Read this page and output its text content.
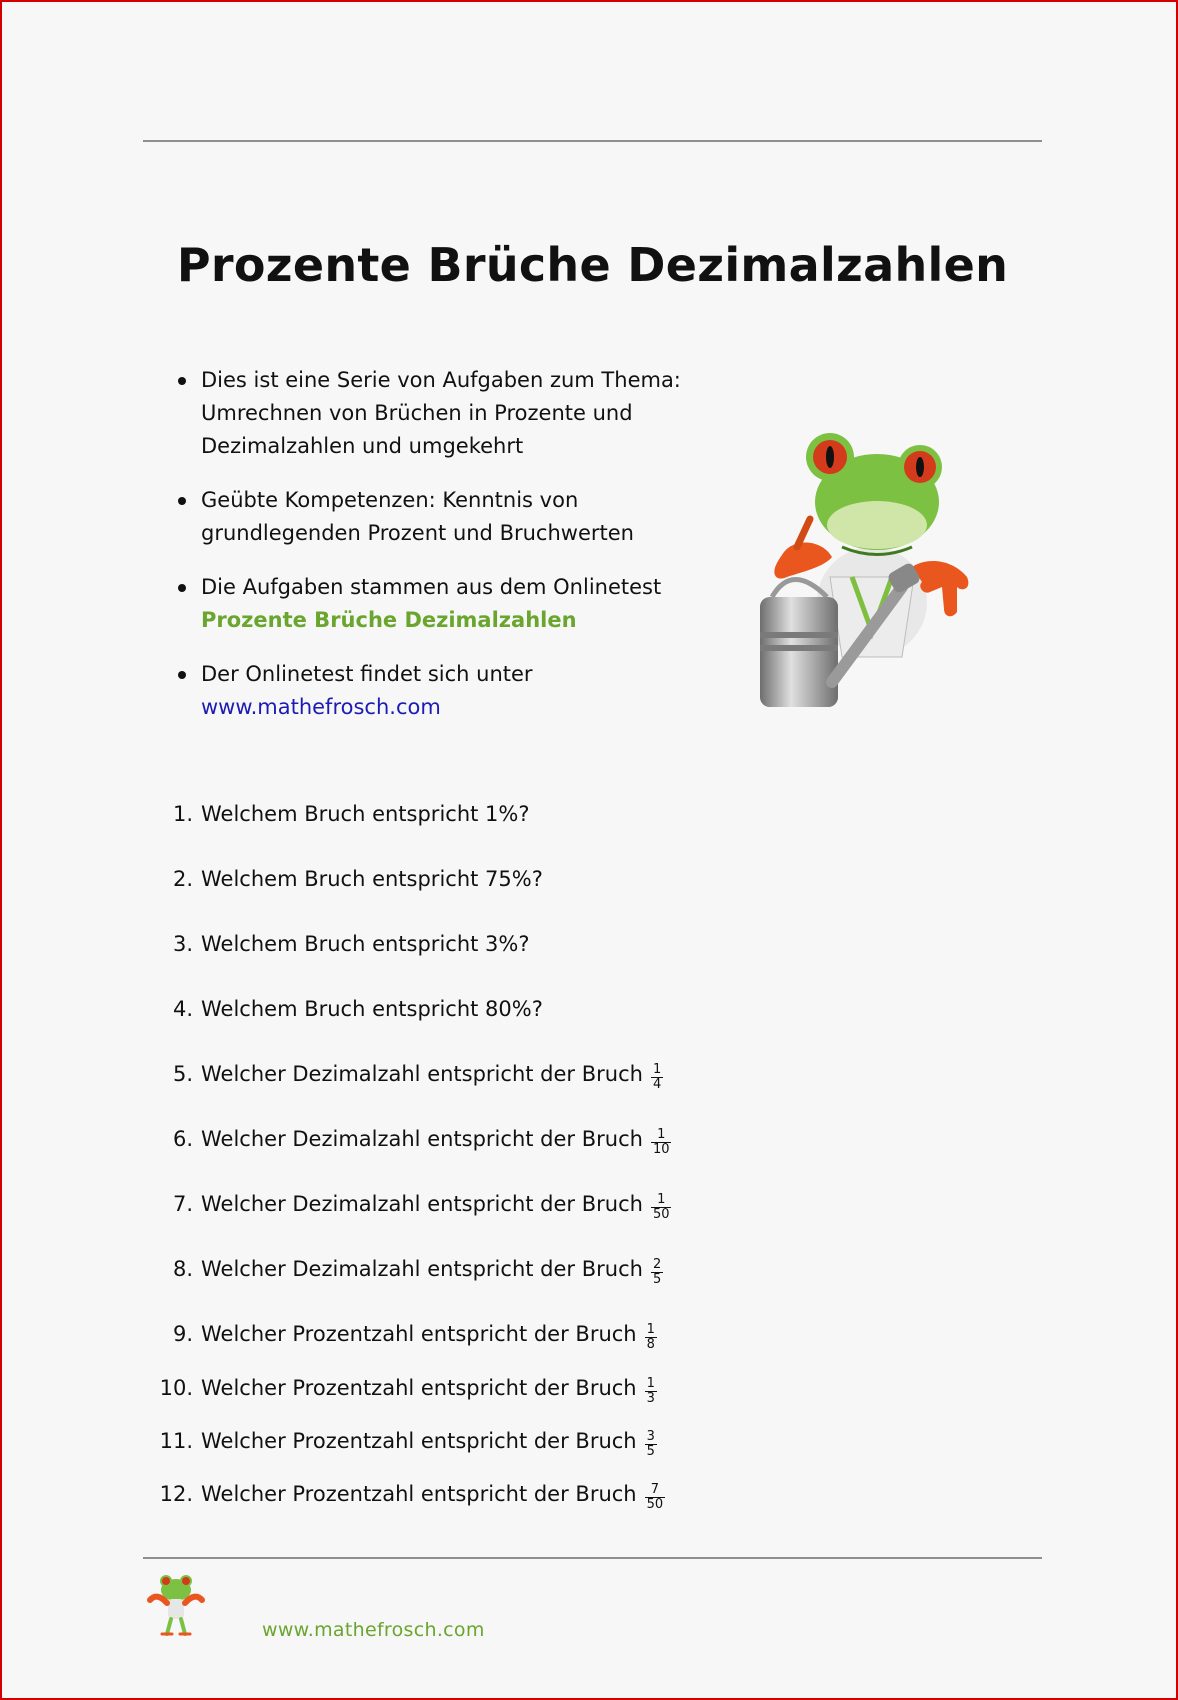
Prozente Brüche Dezimalzahlen
Dies ist eine Serie von Aufgaben zum Thema: Umrechnen von Brüchen in Prozente und Dezimalzahlen und umgekehrt
Geübte Kompetenzen: Kenntnis von grundlegenden Prozent und Bruchwerten
Die Aufgaben stammen aus dem Onlinetest
Prozente Brüche Dezimalzahlen
Der Onlinetest findet sich unter
www.mathefrosch.com
1. Welchem Bruch entspricht 1%?
2. Welchem Bruch entspricht 75%?
3. Welchem Bruch entspricht 3%?
4. Welchem Bruch entspricht 80%?
5. Welcher Dezimalzahl entspricht der Bruch $\frac{1}{4}$
6. Welcher Dezimalzahl entspricht der Bruch $\frac{1}{10}$
7. Welcher Dezimalzahl entspricht der Bruch $\frac{1}{50}$
8. Welcher Dezimalzahl entspricht der Bruch $\frac{2}{5}$
9. Welcher Prozentzahl entspricht der Bruch $\frac{1}{8}$
10. Welcher Prozentzahl entspricht der Bruch $\frac{1}{3}$
11. Welcher Prozentzahl entspricht der Bruch $\frac{3}{5}$
12. Welcher Prozentzahl entspricht der Bruch $\frac{7}{50}$
www.mathefrosch.com
